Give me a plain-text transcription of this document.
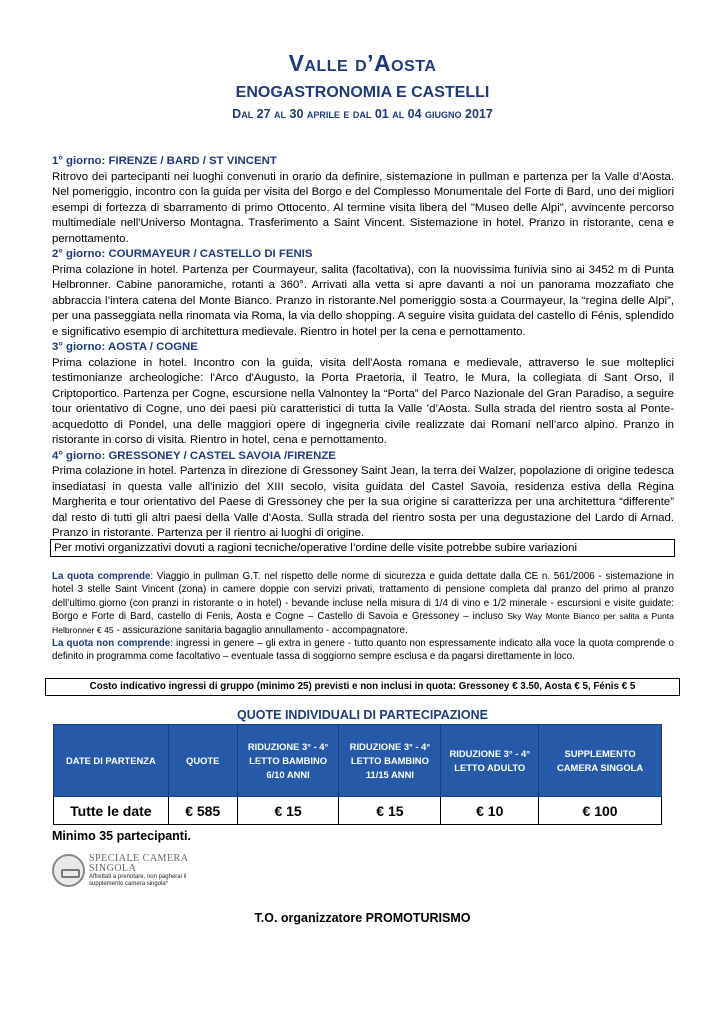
Valle d’Aosta
ENOGASTRONOMIA E CASTELLI
Dal 27 al 30 aprile e dal 01 al 04 giugno 2017
1° giorno: FIRENZE / BARD / ST VINCENT
Ritrovo dei partecipanti nei luoghi convenuti in orario da definire, sistemazione in pullman e partenza per la Valle d’Aosta. Nel pomeriggio, incontro con la guida per visita del Borgo e del Complesso Monumentale del Forte di Bard, uno dei migliori esempi di fortezza di sbarramento di primo Ottocento. Al termine visita libera del "Museo delle Alpi", avvincente percorso multimediale nell'Universo Montagna. Trasferimento a Saint Vincent. Sistemazione in hotel. Pranzo in ristorante, cena e pernottamento.
2° giorno: COURMAYEUR / CASTELLO DI FENIS
Prima colazione in hotel. Partenza per Courmayeur, salita (facoltativa), con la nuovissima funivia sino ai 3452 m di Punta Helbronner. Cabine panoramiche, rotanti a 360°. Arrivati alla vetta si apre davanti a noi un panorama mozzafiato che abbraccia l’intera catena del Monte Bianco. Pranzo in ristorante.Nel pomeriggio sosta a Courmayeur, la “regina delle Alpi”, per una passeggiata nella rinomata via Roma, la via dello shopping. A seguire visita guidata del castello di Fénis, splendido e significativo esempio di architettura medievale. Rientro in hotel per la cena e pernottamento.
3° giorno: AOSTA / COGNE
Prima colazione in hotel. Incontro con la guida, visita dell'Aosta romana e medievale, attraverso le sue molteplici testimonianze archeologiche: l'Arco d'Augusto, la Porta Praetoria, il Teatro, le Mura, la collegiata di Sant Orso, il Criptoportico. Partenza per Cogne, escursione nella Valnontey la “Porta” del Parco Nazionale del Gran Paradiso, a seguire tour orientativo di Cogne, uno dei paesi più caratteristici di tutta la Valle ’d’Aosta. Sulla strada del rientro sosta al Ponte-acquedotto di Pondel, una delle maggiori opere di ingegneria civile realizzate dai Romani nell’arco alpino. Pranzo in ristorante in corso di visita. Rientro in hotel, cena e pernottamento.
4° giorno: GRESSONEY / CASTEL SAVOIA /FIRENZE
Prima colazione in hotel. Partenza in direzione di Gressoney Saint Jean, la terra dei Walzer, popolazione di origine tedesca insediatasi in questa valle all'inizio del XIII secolo, visita guidata del Castel Savoia, residenza estiva della Regina Margherita e tour orientativo del Paese di Gressoney che per la sua origine si caratterizza per una architettura “differente” dal resto di tutti gli altri paesi della Valle d’Aosta. Sulla strada del rientro sosta per una degustazione del Lardo di Arnad. Pranzo in ristorante. Partenza per il rientro ai luoghi di origine.
Per motivi organizzativi dovuti a ragioni tecniche/operative l’ordine delle visite potrebbe subire variazioni
La quota comprende: Viaggio in pullman G.T. nel rispetto delle norme di sicurezza e guida dettate dalla CE n. 561/2006 - sistemazione in hotel 3 stelle Saint Vincent (zona) in camere doppie con servizi privati, trattamento di pensione completa dal pranzo del primo al pranzo dell’ultimo giorno (con pranzi in ristorante o in hotel) - bevande incluse nella misura di 1/4 di vino e 1/2 minerale - escursioni e visite guidate: Borgo e Forte di Bard, castello di Fenis, Aosta e Cogne – Castello di Savoia e Gressoney – incluso Sky Way Monte Bianco per salita a Punta Helbronner € 45 - assicurazione sanitaria bagaglio annullamento - accompagnatore.
La quota non comprende: ingressi in genere – gli extra in genere - tutto quanto non espressamente indicato alla voce la quota comprende o definito in programma come facoltativo – eventuale tassa di soggiorno sempre esclusa e da pagarsi direttamente in loco.
Costo indicativo ingressi di gruppo (minimo 25) previsti e non inclusi in quota: Gressoney € 3.50, Aosta € 5, Fénis € 5
QUOTE INDIVIDUALI DI PARTECIPAZIONE
DATE DI PARTENZA	QUOTE	RIDUZIONE 3° - 4° LETTO BAMBINO 6/10 ANNI	RIDUZIONE 3° - 4° LETTO BAMBINO 11/15 ANNI	RIDUZIONE 3° - 4° LETTO ADULTO	SUPPLEMENTO CAMERA SINGOLA
Tutte le date	€ 585	€ 15	€ 15	€ 10	€ 100
Minimo 35 partecipanti.
SPECIALE CAMERA
SINGOLA
Affrettati a prenotare, non pagherai il supplemento camera singola*
T.O. organizzatore PROMOTURISMO
